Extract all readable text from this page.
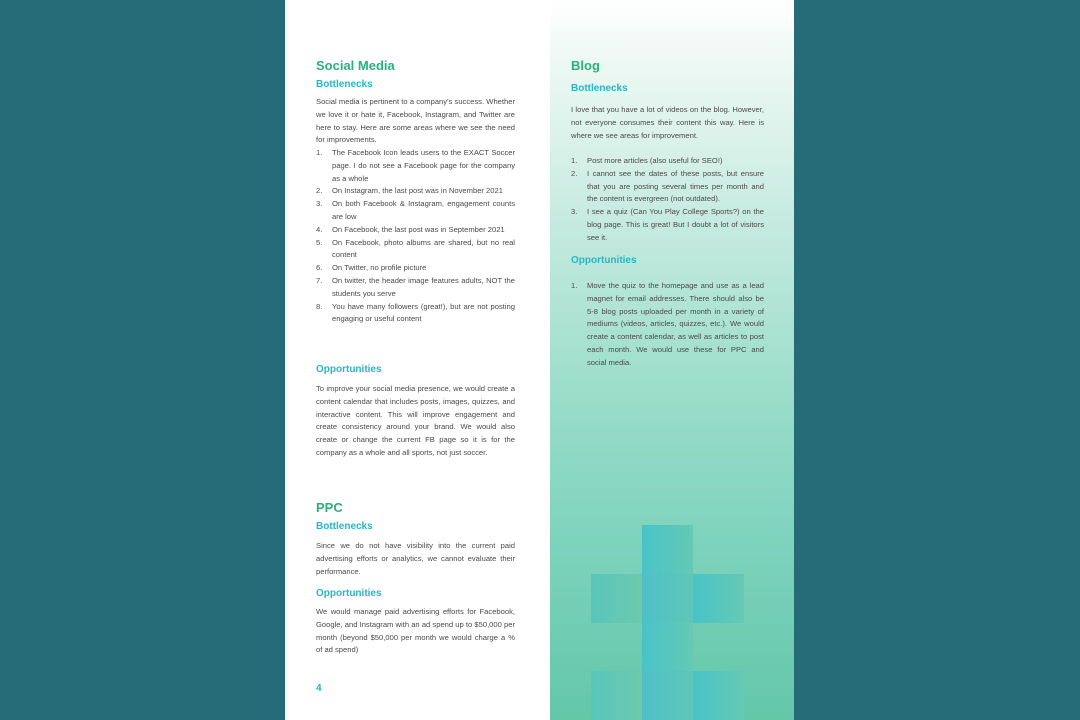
Social Media
Bottlenecks

Social media is pertinent to a company's success. Whether we love it or hate it, Facebook, Instagram, and Twitter are here to stay. Here are some areas where we see the need for improvements.

1. The Facebook Icon leads users to the EXACT Soccer page. I do not see a Facebook page for the company as a whole
2. On Instagram, the last post was in November 2021
3. On both Facebook & Instagram, engagement counts are low
4. On Facebook, the last post was in September 2021
5. On Facebook, photo albums are shared, but no real content
6. On Twitter, no profile picture
7. On twitter, the header image features adults, NOT the students you serve
8. You have many followers (great!), but are not posting engaging or useful content
Opportunities

To improve your social media presence, we would create a content calendar that includes posts, images, quizzes, and interactive content. This will improve engagement and create consistency around your brand. We would also create or change the current FB page so it is for the company as a whole and all sports, not just soccer.

PPC
Bottlenecks

Since we do not have visibility into the current paid advertising efforts or analytics, we cannot evaluate their performance.

Opportunities

We would manage paid advertising efforts for Facebook, Google, and Instagram with an ad spend up to $50,000 per month (beyond $50,000 per month we would charge a % of ad spend)

4
Blog
Bottlenecks

I love that you have a lot of videos on the blog. However, not everyone consumes their content this way. Here is where we see areas for improvement.

1. Post more articles (also useful for SEO!)
2. I cannot see the dates of these posts, but ensure that you are posting several times per month and the content is evergreen (not outdated).
3. I see a quiz (Can You Play College Sports?) on the blog page. This is great! But I doubt a lot of visitors see it.
Opportunities
1. Move the quiz to the homepage and use as a lead magnet for email addresses. There should also be 5-8 blog posts uploaded per month in a variety of mediums (videos, articles, quizzes, etc.). We would create a content calendar, as well as articles to post each month. We would use these for PPC and social media.
